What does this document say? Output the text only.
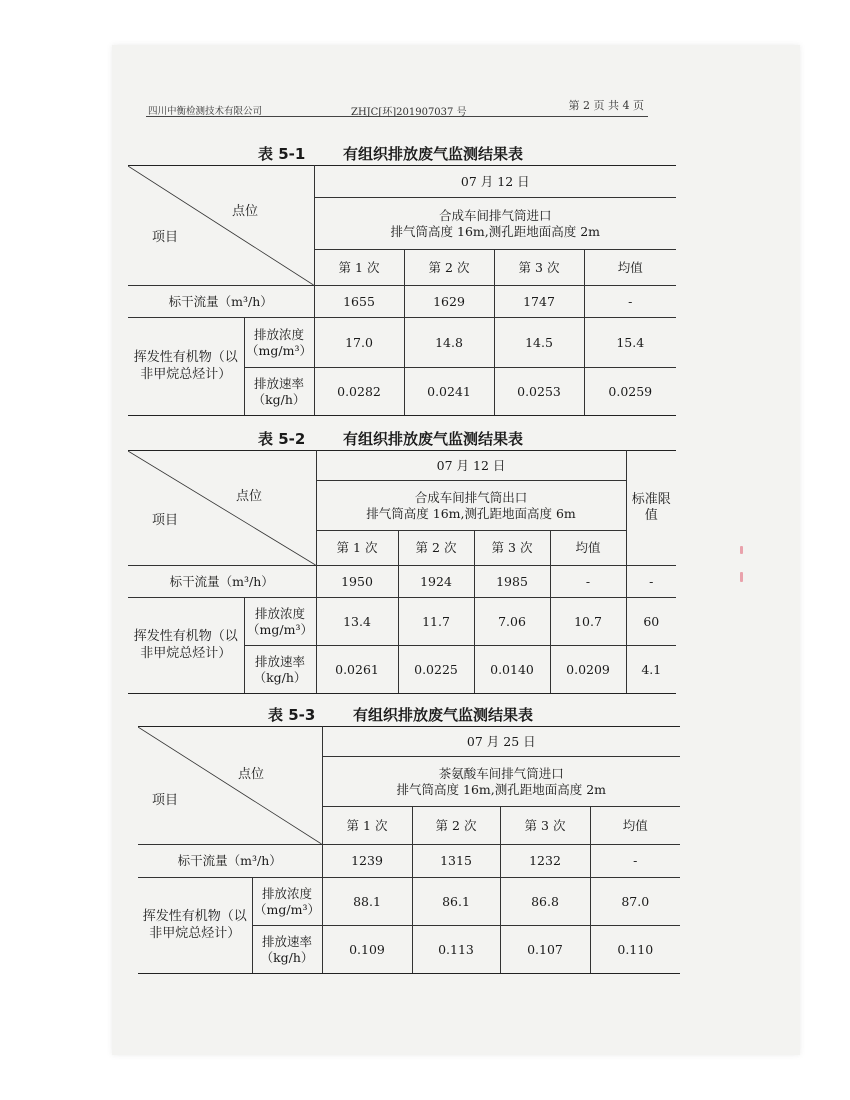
四川中衡检测技术有限公司	ZHJC[环]201907037 号
第 2 页 共 4 页
表 5-1	有组织排放废气监测结果表
点位
项目		07 月 12 日			

		合成车间排气筒进口
排气筒高度 16m,测孔距地面高度 2m			

		第 1 次	第 2 次	第 3 次	均值
标干流量（m³/h）		1655	1629	1747	-
挥发性有机物（以非甲烷总烃计）	排放浓度（mg/m³）	17.0	14.8	14.5	15.4
	排放速率（kg/h）	0.0282	0.0241	0.0253	0.0259
表 5-2	有组织排放废气监测结果表
点位
项目		07 月 12 日				标准限值

		合成车间排气筒出口
排气筒高度 16m,测孔距地面高度 6m				

		第 1 次	第 2 次	第 3 次	均值	
标干流量（m³/h）		1950	1924	1985	-	-
挥发性有机物（以非甲烷总烃计）	排放浓度（mg/m³）	13.4	11.7	7.06	10.7	60
	排放速率（kg/h）	0.0261	0.0225	0.0140	0.0209	4.1
表 5-3	有组织排放废气监测结果表
点位
项目		07 月 25 日			

		茶氨酸车间排气筒进口
排气筒高度 16m,测孔距地面高度 2m			

		第 1 次	第 2 次	第 3 次	均值
标干流量（m³/h）		1239	1315	1232	-
挥发性有机物（以非甲烷总烃计）	排放浓度（mg/m³）	88.1	86.1	86.8	87.0
	排放速率（kg/h）	0.109	0.113	0.107	0.110
